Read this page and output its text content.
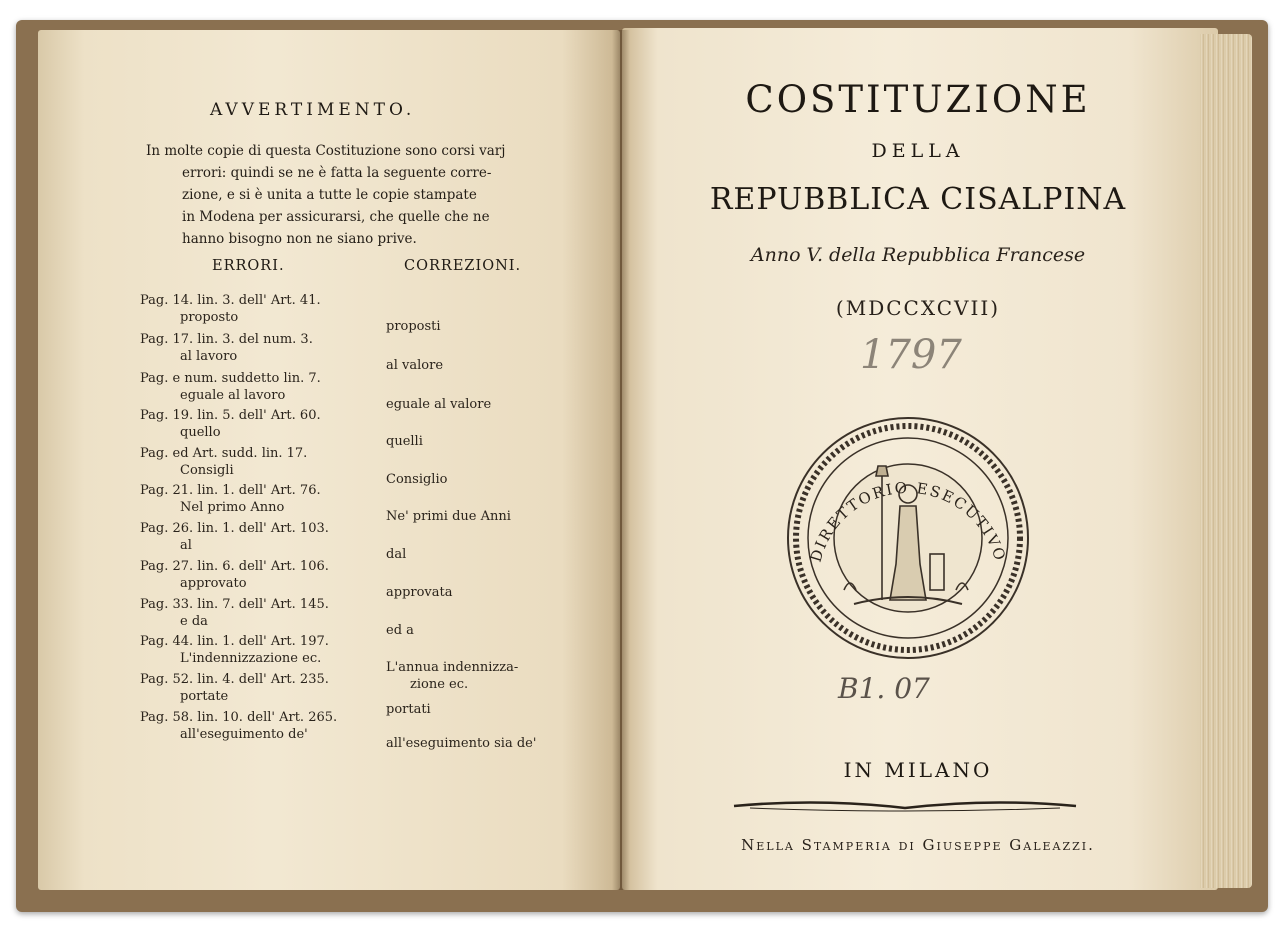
AVVERTIMENTO.
In molte copie di questa Costituzione sono corsi varj
errori: quindi se ne è fatta la seguente corre-
zione, e si è unita a tutte le copie stampate
in Modena per assicurarsi, che quelle che ne
hanno bisogno non ne siano prive.
ERRORI.	CORREZIONI.
Pag. 14. lin. 3. dell' Art. 41.
proposto
proposti
Pag. 17. lin. 3. del num. 3.
al lavoro
al valore
Pag. e num. suddetto lin. 7.
eguale al lavoro
eguale al valore
Pag. 19. lin. 5. dell' Art. 60.
quello
quelli
Pag. ed Art. sudd. lin. 17.
Consigli
Consiglio
Pag. 21. lin. 1. dell' Art. 76.
Nel primo Anno
Ne' primi due Anni
Pag. 26. lin. 1. dell' Art. 103.
al
dal
Pag. 27. lin. 6. dell' Art. 106.
approvato
approvata
Pag. 33. lin. 7. dell' Art. 145.
e da
ed a
Pag. 44. lin. 1. dell' Art. 197.
L'indennizzazione ec.
L'annua indennizza-
zione ec.
Pag. 52. lin. 4. dell' Art. 235.
portate
portati
Pag. 58. lin. 10. dell' Art. 265.
all'eseguimento de'
all'eseguimento sia de'
COSTITUZIONE
DELLA
REPUBBLICA CISALPINA
Anno V. della Repubblica Francese
(MDCCXCVII)
1797
DIRETTORIO ESECUTIVO
B1. 07
IN MILANO
Nella Stamperia di Giuseppe Galeazzi.
